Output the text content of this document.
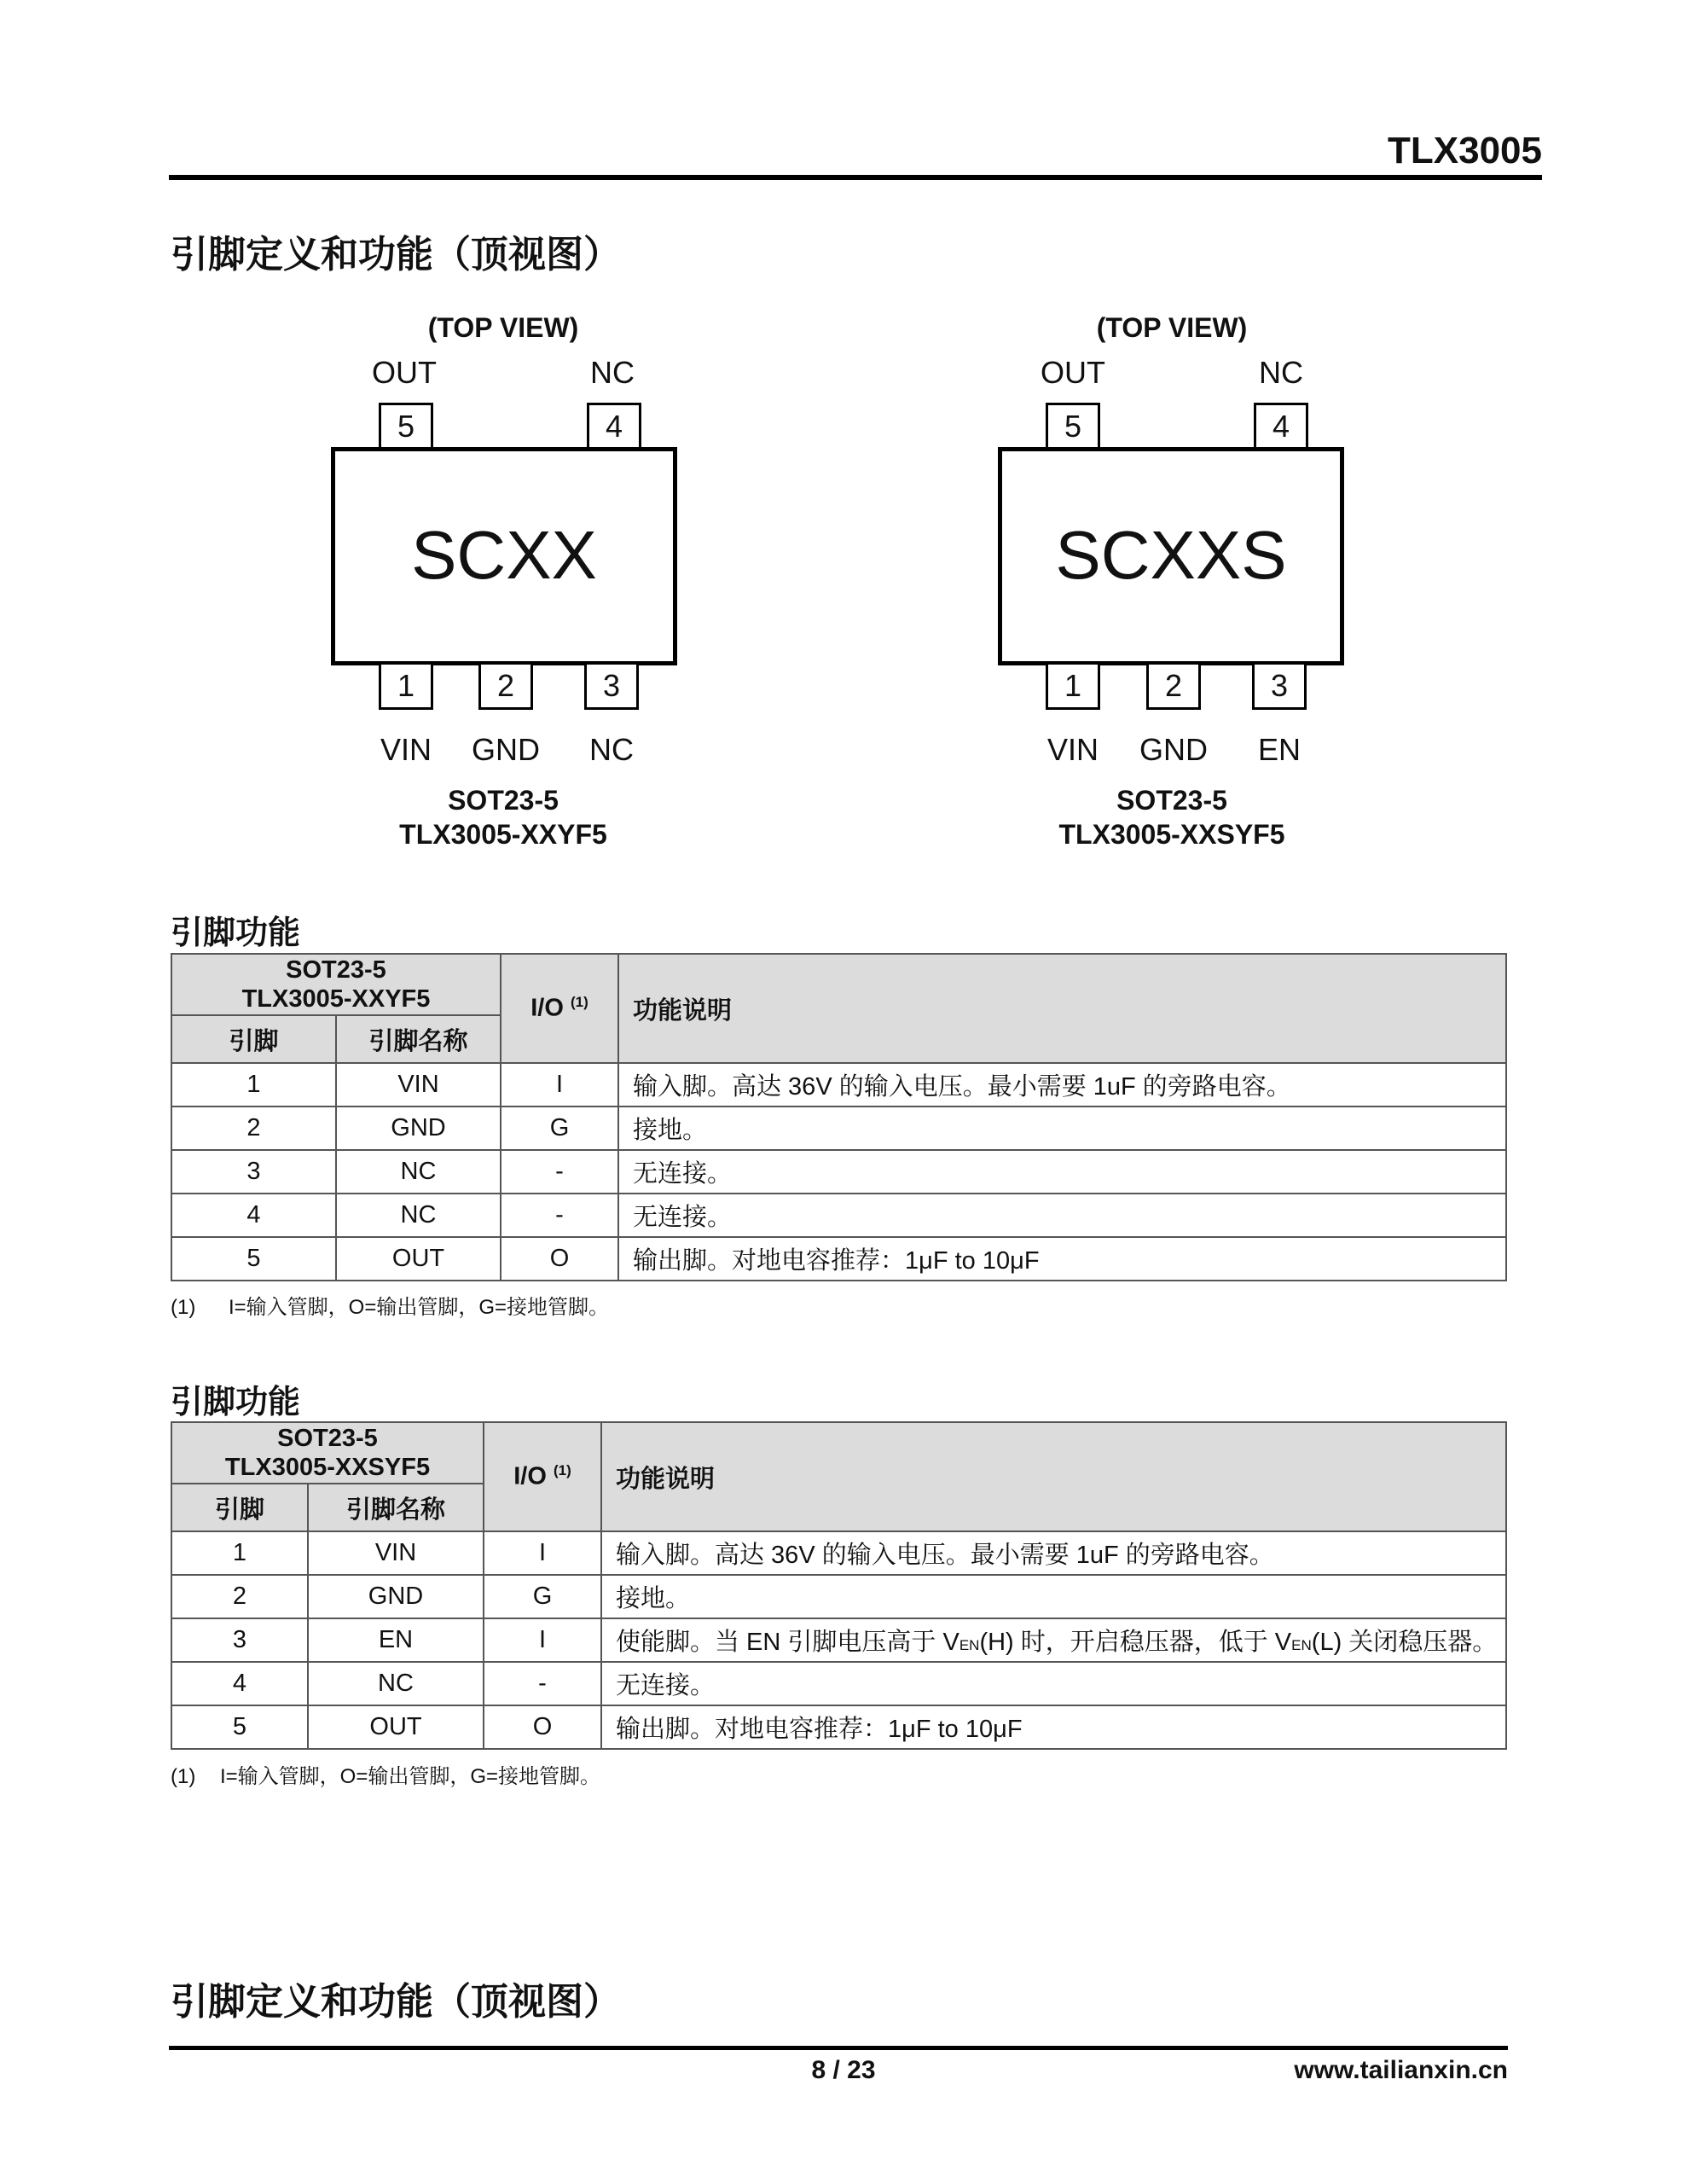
TLX3005
引脚定义和功能（顶视图）
(TOP VIEW)
OUT	NC
5	4
SCXX
1	2	3
VIN	GND	NC
SOT23-5
TLX3005-XXYF5
(TOP VIEW)
OUT	NC
5	4
SCXXS
1	2	3
VIN	GND	EN
SOT23-5
TLX3005-XXSYF5
引脚功能
SOT23-5
TLX3005-XXYF5		I/O $^{(1)}$	功能说明
引脚	引脚名称		
1	VIN	I	输入脚。高达 36V 的输入电压。最小需要 1uF 的旁路电容。
2	GND	G	接地。
3	NC	-	无连接。
4	NC	-	无连接。
5	OUT	O	输出脚。对地电容推荐：1μF to 10μF
(1) I=输入管脚，O=输出管脚，G=接地管脚。
引脚功能
SOT23-5
TLX3005-XXSYF5		I/O $^{(1)}$	功能说明
引脚	引脚名称		
1	VIN	I	输入脚。高达 36V 的输入电压。最小需要 1uF 的旁路电容。
2	GND	G	接地。
3	EN	I	使能脚。当 EN 引脚电压高于 VEN(H) 时，开启稳压器，低于 VEN(L) 关闭稳压器。
4	NC	-	无连接。
5	OUT	O	输出脚。对地电容推荐：1μF to 10μF
(1) I=输入管脚，O=输出管脚，G=接地管脚。
引脚定义和功能（顶视图）
8 / 23	www.tailianxin.cn
